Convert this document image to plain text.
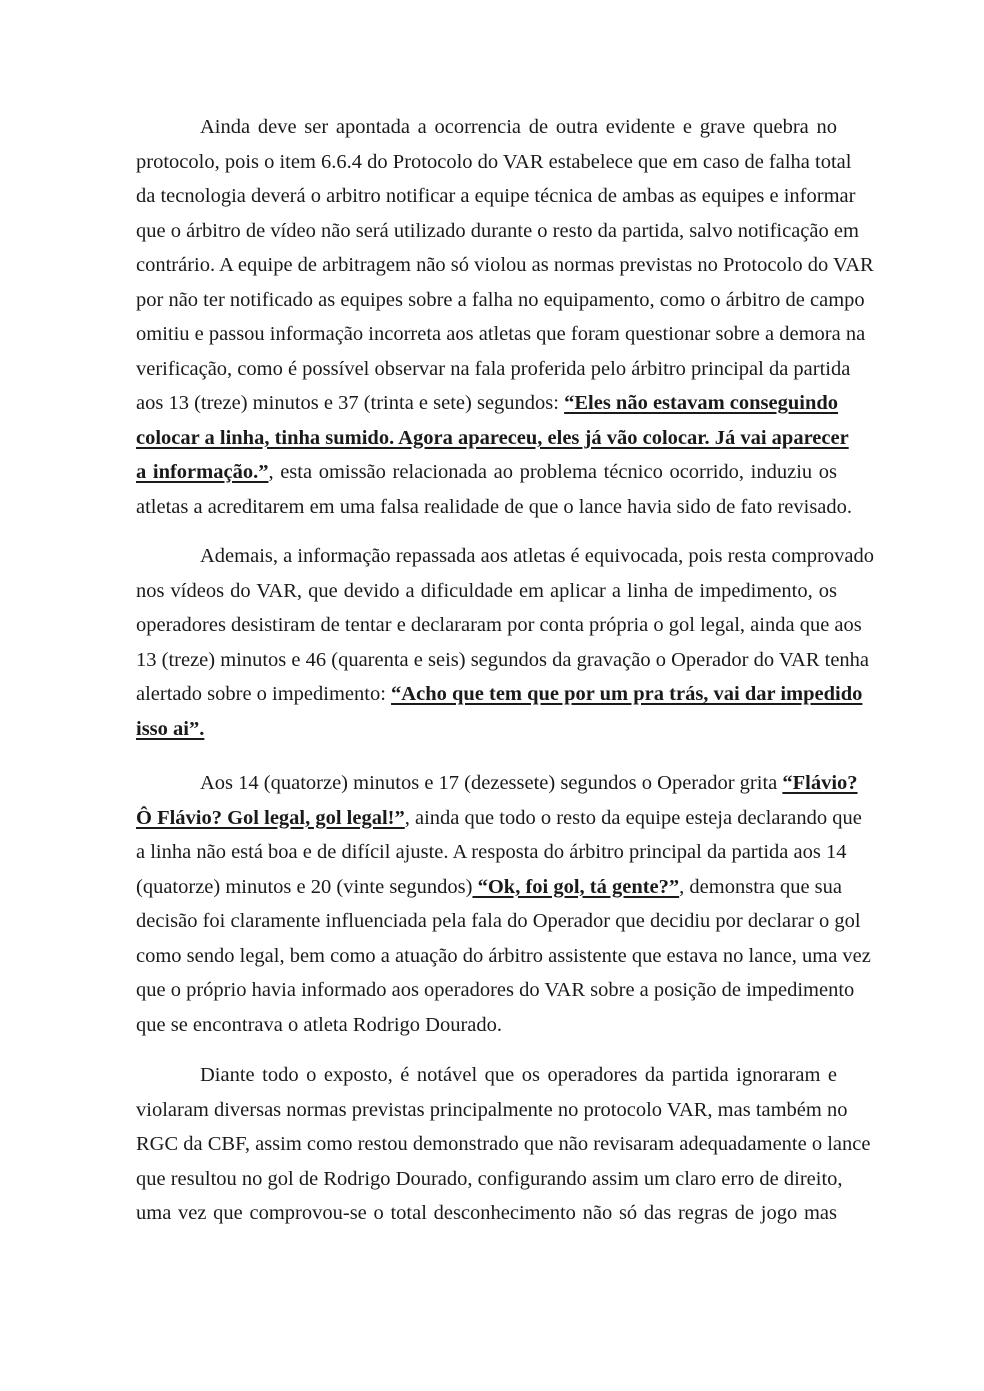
Ainda deve ser apontada a ocorrencia de outra evidente e grave quebra no
protocolo, pois o item 6.6.4 do Protocolo do VAR estabelece que em caso de falha total
da tecnologia deverá o arbitro notificar a equipe técnica de ambas as equipes e informar
que o árbitro de vídeo não será utilizado durante o resto da partida, salvo notificação em
contrário. A equipe de arbitragem não só violou as normas previstas no Protocolo do VAR
por não ter notificado as equipes sobre a falha no equipamento, como o árbitro de campo
omitiu e passou informação incorreta aos atletas que foram questionar sobre a demora na
verificação, como é possível observar na fala proferida pelo árbitro principal da partida
aos 13 (treze) minutos e 37 (trinta e sete) segundos: “Eles não estavam conseguindo
colocar a linha, tinha sumido. Agora apareceu, eles já vão colocar. Já vai aparecer
a informação.”, esta omissão relacionada ao problema técnico ocorrido, induziu os
atletas a acreditarem em uma falsa realidade de que o lance havia sido de fato revisado.

Ademais, a informação repassada aos atletas é equivocada, pois resta comprovado
nos vídeos do VAR, que devido a dificuldade em aplicar a linha de impedimento, os
operadores desistiram de tentar e declararam por conta própria o gol legal, ainda que aos
13 (treze) minutos e 46 (quarenta e seis) segundos da gravação o Operador do VAR tenha
alertado sobre o impedimento: “Acho que tem que por um pra trás, vai dar impedido
isso ai”.

Aos 14 (quatorze) minutos e 17 (dezessete) segundos o Operador grita “Flávio?
Ô Flávio? Gol legal, gol legal!”, ainda que todo o resto da equipe esteja declarando que
a linha não está boa e de difícil ajuste. A resposta do árbitro principal da partida aos 14
(quatorze) minutos e 20 (vinte segundos) “Ok, foi gol, tá gente?”, demonstra que sua
decisão foi claramente influenciada pela fala do Operador que decidiu por declarar o gol
como sendo legal, bem como a atuação do árbitro assistente que estava no lance, uma vez
que o próprio havia informado aos operadores do VAR sobre a posição de impedimento
que se encontrava o atleta Rodrigo Dourado.

Diante todo o exposto, é notável que os operadores da partida ignoraram e
violaram diversas normas previstas principalmente no protocolo VAR, mas também no
RGC da CBF, assim como restou demonstrado que não revisaram adequadamente o lance
que resultou no gol de Rodrigo Dourado, configurando assim um claro erro de direito,
uma vez que comprovou-se o total desconhecimento não só das regras de jogo mas
